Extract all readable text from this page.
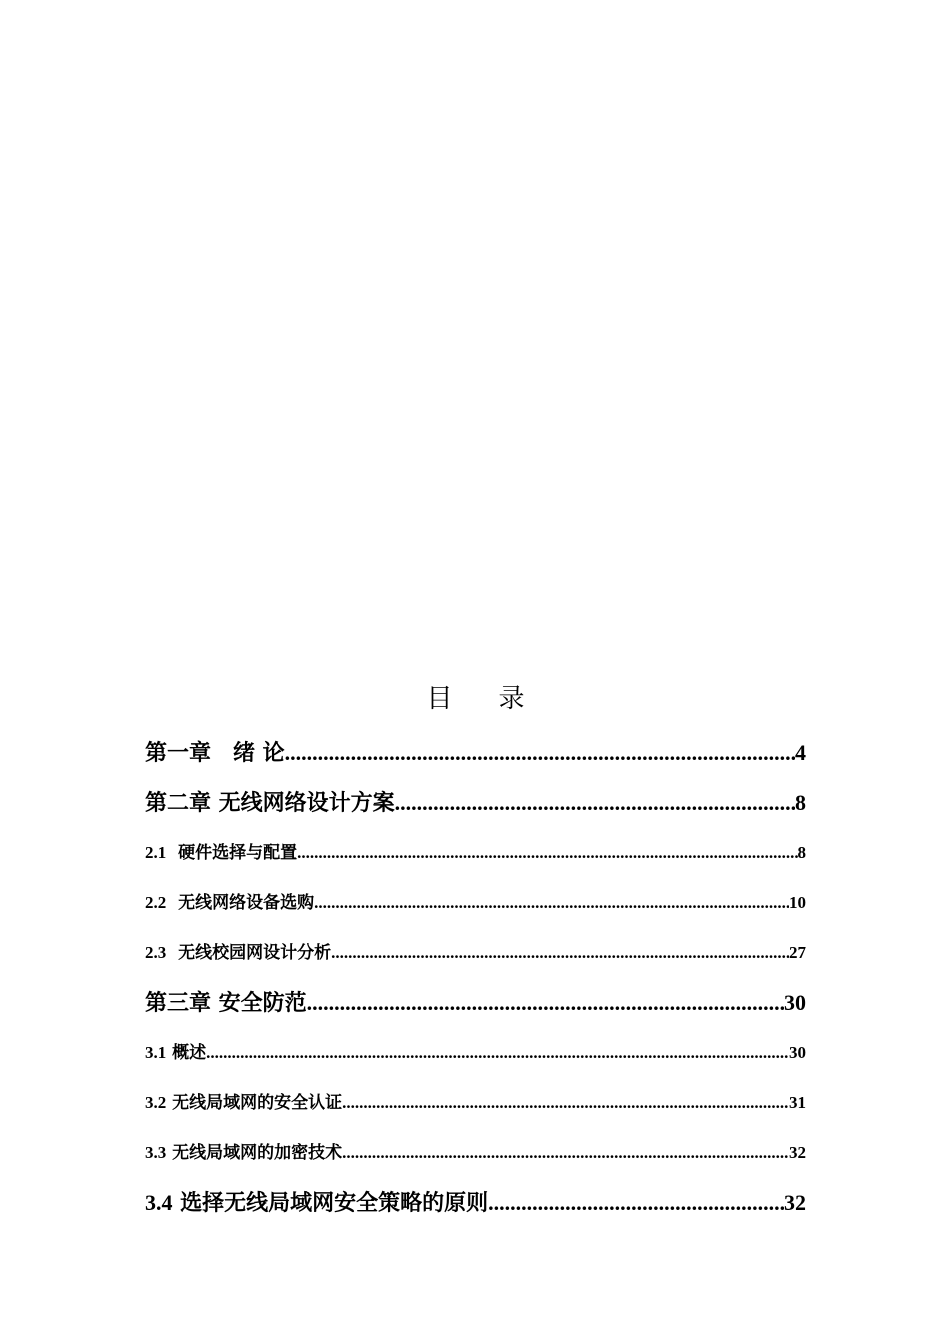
目 录
第一章　绪 论 .....	4
第二章 无线网络设计方案 .....	8
2.1  硬件选择与配置 .....	8
2.2  无线网络设备选购 .....	10
2.3  无线校园网设计分析 .....	27
第三章 安全防范 .....	30
3.1 概述 .....	30
3.2 无线局域网的安全认证 .....	31
3.3 无线局域网的加密技术 .....	32
3.4 选择无线局域网安全策略的原则 .....	32
